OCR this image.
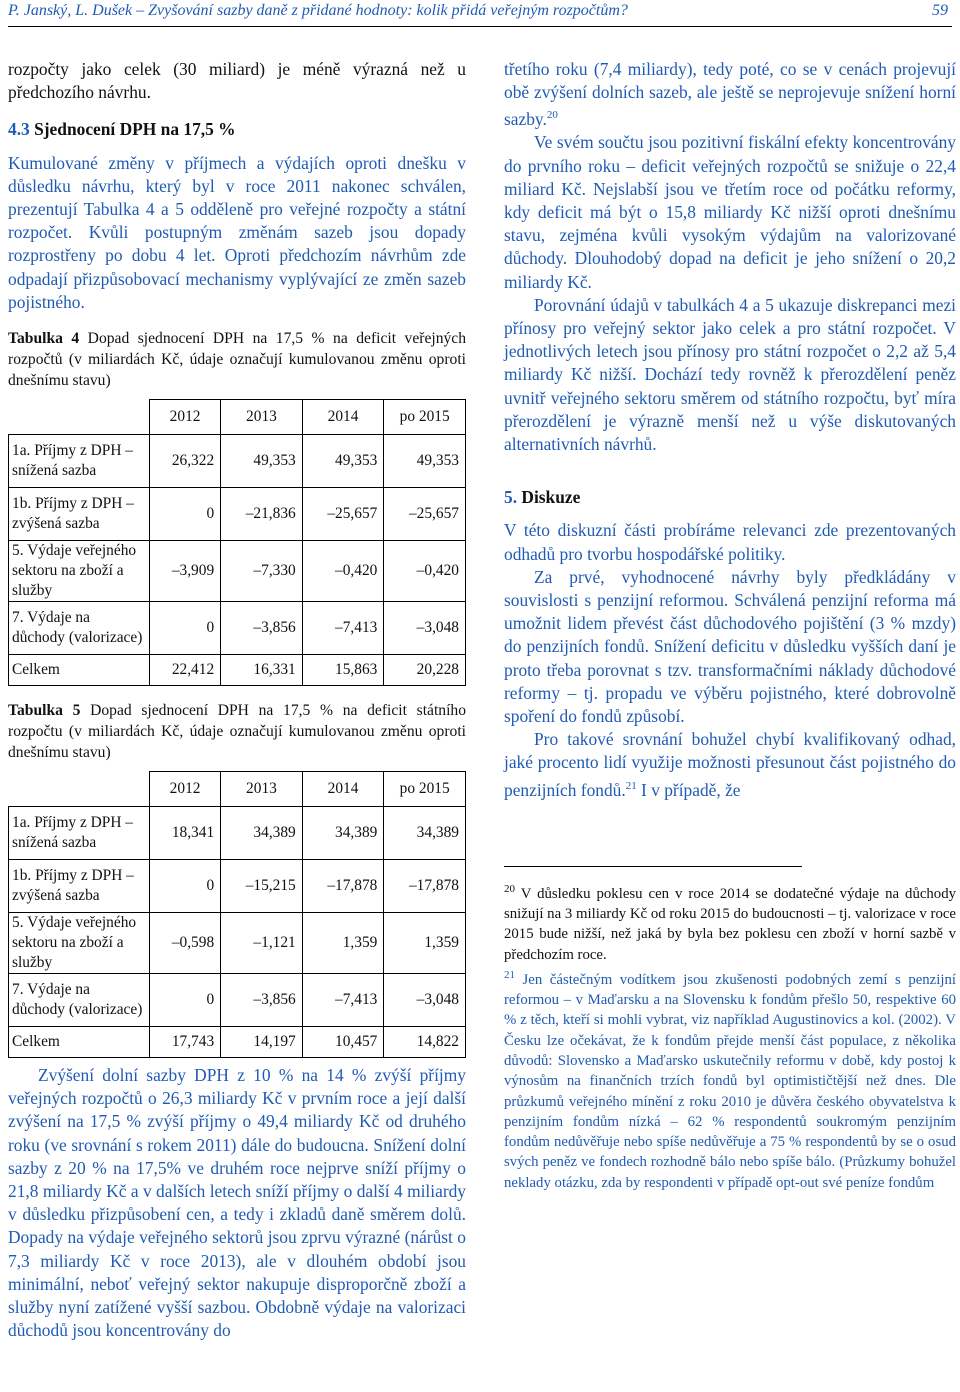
P. Janský, L. Dušek – Zvyšování sazby daně z přidané hodnoty: kolik přidá veřejným rozpočtům?	59

rozpočty jako celek (30 miliard) je méně výrazná než u předchozího návrhu.

4.3 Sjednocení DPH na 17,5 %

Kumulované změny v příjmech a výdajích oproti dnešku v důsledku návrhu, který byl v roce 2011 nakonec schválen, prezentují Tabulka 4 a 5 odděleně pro veřejné rozpočty a státní rozpočet. Kvůli postupným změnám sazeb jsou dopady rozprostřeny po dobu 4 let. Oproti předchozím návrhům zde odpadají přizpůsobovací mechanismy vyplývající ze změn sazeb pojistného.

Tabulka 4 Dopad sjednocení DPH na 17,5 % na deficit veřejných rozpočtů (v miliardách Kč, údaje označují kumulovanou změnu oproti dnešnímu stavu)
	2012	2013	2014	po 2015
1a. Příjmy z DPH – snížená sazba	26,322	49,353	49,353	49,353
1b. Příjmy z DPH – zvýšená sazba	0	–21,836	–25,657	–25,657
5. Výdaje veřejného sektoru na zboží a služby	–3,909	–7,330	–0,420	–0,420
7. Výdaje na důchody (valorizace)	0	–3,856	–7,413	–3,048
Celkem	22,412	16,331	15,863	20,228
Tabulka 5 Dopad sjednocení DPH na 17,5 % na deficit státního rozpočtu (v miliardách Kč, údaje označují kumulovanou změnu oproti dnešnímu stavu)
	2012	2013	2014	po 2015
1a. Příjmy z DPH – snížená sazba	18,341	34,389	34,389	34,389
1b. Příjmy z DPH – zvýšená sazba	0	–15,215	–17,878	–17,878
5. Výdaje veřejného sektoru na zboží a služby	–0,598	–1,121	1,359	1,359
7. Výdaje na důchody (valorizace)	0	–3,856	–7,413	–3,048
Celkem	17,743	14,197	10,457	14,822

Zvýšení dolní sazby DPH z 10 % na 14 % zvýší příjmy veřejných rozpočtů o 26,3 miliardy Kč v prvním roce a její další zvýšení na 17,5 % zvýší příjmy o 49,4 miliardy Kč od druhého roku (ve srovnání s rokem 2011) dále do budoucna. Snížení dolní sazby z 20 % na 17,5% ve druhém roce nejprve sníží příjmy o 21,8 miliardy Kč a v dalších letech sníží příjmy o další 4 miliardy v důsledku přizpůsobení cen, a tedy i zkladů daně směrem dolů. Dopady na výdaje veřejného sektorů jsou zprvu výrazné (nárůst o 7,3 miliardy Kč v roce 2013), ale v dlouhém období jsou minimální, neboť veřejný sektor nakupuje disproporčně zboží a služby nyní zatížené vyšší sazbou. Obdobně výdaje na valorizaci důchodů jsou koncentrovány do

třetího roku (7,4 miliardy), tedy poté, co se v cenách projevují obě zvýšení dolních sazeb, ale ještě se neprojevuje snížení horní sazby.$^{20}$

Ve svém součtu jsou pozitivní fiskální efekty koncentrovány do prvního roku – deficit veřejných rozpočtů se snižuje o 22,4 miliard Kč. Nejslabší jsou ve třetím roce od počátku reformy, kdy deficit má být o 15,8 miliardy Kč nižší oproti dnešnímu stavu, zejména kvůli vysokým výdajům na valorizované důchody. Dlouhodobý dopad na deficit je jeho snížení o 20,2 miliardy Kč.

Porovnání údajů v tabulkách 4 a 5 ukazuje diskrepanci mezi přínosy pro veřejný sektor jako celek a pro státní rozpočet. V jednotlivých letech jsou přínosy pro státní rozpočet o 2,2 až 5,4 miliardy Kč nižší. Dochází tedy rovněž k přerozdělení peněz uvnitř veřejného sektoru směrem od státního rozpočtu, byť míra přerozdělení je výrazně menší než u výše diskutovaných alternativních návrhů.

5. Diskuze

V této diskuzní části probíráme relevanci zde prezentovaných odhadů pro tvorbu hospodářské politiky.

Za prvé, vyhodnocené návrhy byly předkládány v souvislosti s penzijní reformou. Schválená penzijní reforma má umožnit lidem převést část důchodového pojištění (3 % mzdy) do penzijních fondů. Snížení deficitu v důsledku vyšších daní je proto třeba porovnat s tzv. transformačními náklady důchodové reformy – tj. propadu ve výběru pojistného, které dobrovolně spoření do fondů způsobí.

Pro takové srovnání bohužel chybí kvalifikovaný odhad, jaké procento lidí využije možnosti přesunout část pojistného do penzijních fondů.$^{21}$ I v případě, že

$^{20}$ V důsledku poklesu cen v roce 2014 se dodatečné výdaje na důchody snižují na 3 miliardy Kč od roku 2015 do budoucnosti – tj. valorizace v roce 2015 bude nižší, než jaká by byla bez poklesu cen zboží v horní sazbě v předchozím roce.

$^{21}$ Jen částečným vodítkem jsou zkušenosti podobných zemí s penzijní reformou – v Maďarsku a na Slovensku k fondům přešlo 50, respektive 60 % z těch, kteří si mohli vybrat, viz například Augustinovics a kol. (2002). V Česku lze očekávat, že k fondům přejde menší část populace, z několika důvodů: Slovensko a Maďarsko uskutečnily reformu v době, kdy postoj k výnosům na finančních trzích fondů byl optimističtější než dnes. Dle průzkumů veřejného mínění z roku 2010 je důvěra českého obyvatelstva k penzijním fondům nízká – 62 % respondentů soukromým penzijním fondům nedůvěřuje nebo spíše nedůvěřuje a 75 % respondentů by se o osud svých peněz ve fondech rozhodně bálo nebo spíše bálo. (Průzkumy bohužel neklady otázku, zda by respondenti v případě opt-out své peníze fondům
